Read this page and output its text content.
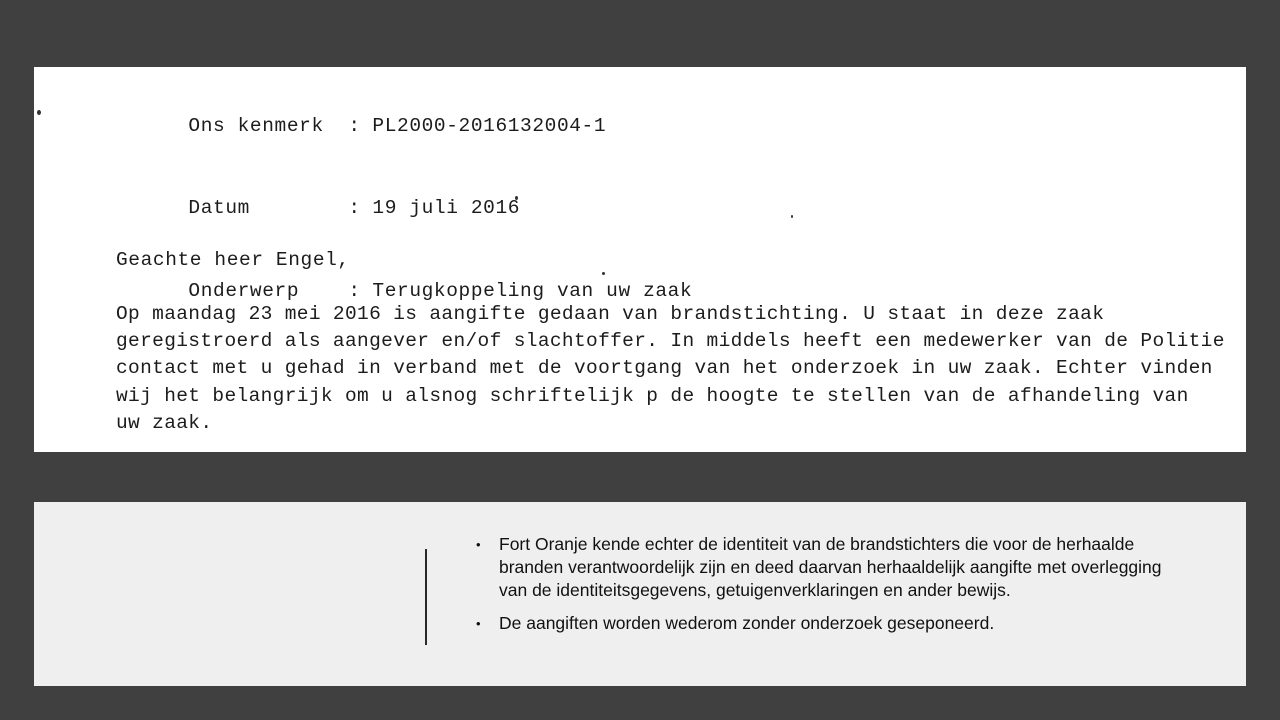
Ons kenmerk : PL2000-2016132004-1

Datum	: 19 juli 2016

Onderwerp	: Terugkoppeling van uw zaak

Geachte heer Engel,
Op maandag 23 mei 2016 is aangifte gedaan van brandstichting. U staat in deze zaak
geregistroerd als aangever en/of slachtoffer. In middels heeft een medewerker van de Politie
contact met u gehad in verband met de voortgang van het onderzoek in uw zaak. Echter vinden
wij het belangrijk om u alsnog schriftelijk p de hoogte te stellen van de afhandeling van
uw zaak.
• Fort Oranje kende echter de identiteit van de brandstichters die voor de herhaalde branden verantwoordelijk zijn en deed daarvan herhaaldelijk aangifte met overlegging van de identiteitsgegevens, getuigenverklaringen en ander bewijs.
• De aangiften worden wederom zonder onderzoek geseponeerd.
